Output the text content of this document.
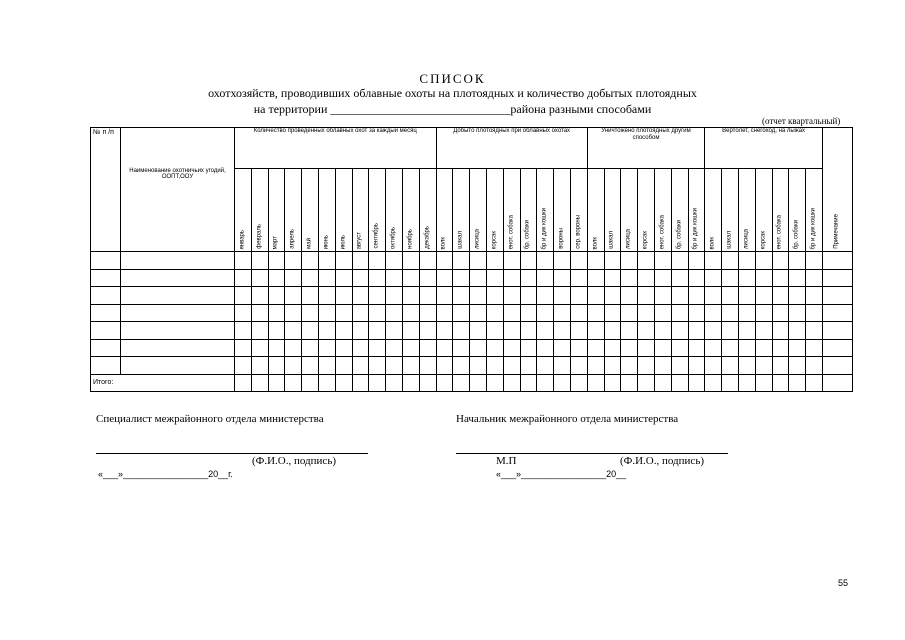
СПИСОК
охотхозяйств, проводивших облавные охоты на плотоядных и количество добытых плотоядных
на территории ______________________________района разными способами
(отчет квартальный)
№ п /п	Наименование охотничьих угодий, ООПТ,ООУ	Количество проведенных облавных охот за каждый месяц												Добыто плотоядных при облавных охотах									Уничтожено плотоядных другим способом							Вертолет, снегоход, на лыжах							Примечание

		январь	февраль	март	апрель	май	июнь	июль	август	сентябрь	октябрь	ноябрь	декабрь	волк	шакал	лисица	корсак	енот. собака	бр. собаки	бр и дик кошки	вороны	сер. вороны	волк	шакал	лисица	корсак	енот. собака	бр. собаки	бр и дик кошки	волк	шакал	лисица	корсак	енот. собака	бр. собаки	бр и дик кошки	

Итого:																																					
Специалист межрайонного отдела министерства	Начальник межрайонного отдела министерства
(Ф.И.О., подпись)	М.П	(Ф.И.О., подпись)
«___»_________________20__г.	«___»_________________20__
55
